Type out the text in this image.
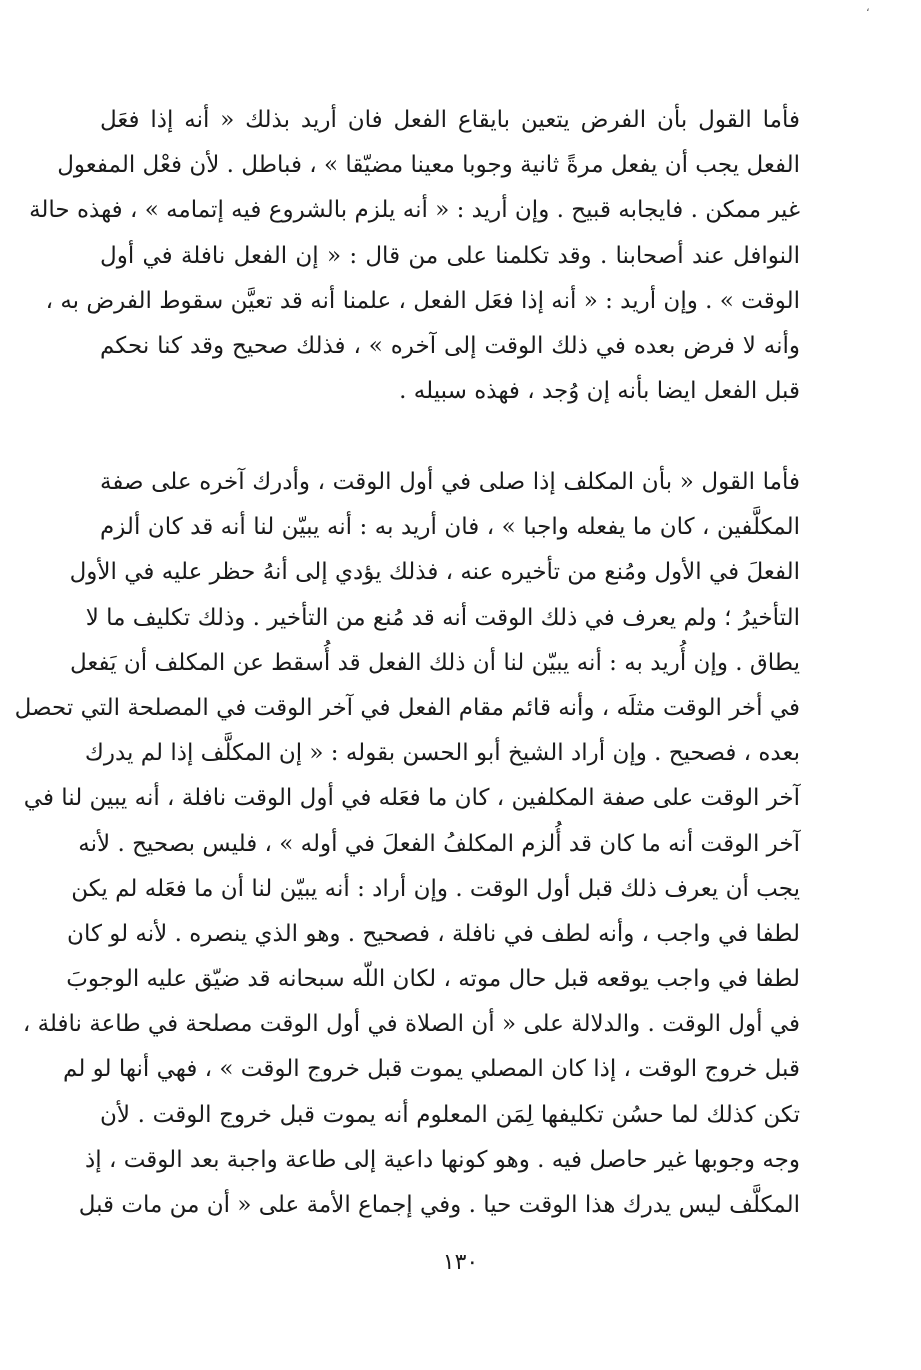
،
فأما القول بأن الفرض يتعين بايقاع الفعل فان أريد بذلك « أنه إذا فعَل
الفعل يجب أن يفعل مرةً ثانية وجوبا معينا مضيّقا » ، فباطل . لأن فعْل المفعول
غير ممكن . فايجابه قبيح . وإن أريد : « أنه يلزم بالشروع فيه إتمامه » ، فهذه حالة
النوافل عند أصحابنا . وقد تكلمنا على من قال : « إن الفعل نافلة في أول
الوقت » . وإن أريد : « أنه إذا فعَل الفعل ، علمنا أنه قد تعيَّن سقوط الفرض به ،
وأنه لا فرض بعده في ذلك الوقت إلى آخره » ، فذلك صحيح وقد كنا نحكم
قبل الفعل ايضا بأنه إن وُجد ، فهذه سبيله .
فأما القول « بأن المكلف إذا صلى في أول الوقت ، وأدرك آخره على صفة
المكلَّفين ، كان ما يفعله واجبا » ، فان أريد به : أنه يبيّن لنا أنه قد كان ألزم
الفعلَ في الأول ومُنع من تأخيره عنه ، فذلك يؤدي إلى أنهُ حظر عليه في الأول
التأخيرُ ؛ ولم يعرف في ذلك الوقت أنه قد مُنع من التأخير . وذلك تكليف ما لا
يطاق . وإن أُريد به : أنه يبيّن لنا أن ذلك الفعل قد أُسقط عن المكلف أن يَفعل
في أخر الوقت مثلَه ، وأنه قائم مقام الفعل في آخر الوقت في المصلحة التي تحصل
بعده ، فصحيح . وإن أراد الشيخ أبو الحسن بقوله : « إن المكلَّف إذا لم يدرك
آخر الوقت على صفة المكلفين ، كان ما فعَله في أول الوقت نافلة ، أنه يبين لنا في
آخر الوقت أنه ما كان قد أُلزم المكلفُ الفعلَ في أوله » ، فليس بصحيح . لأنه
يجب أن يعرف ذلك قبل أول الوقت . وإن أراد : أنه يبيّن لنا أن ما فعَله لم يكن
لطفا في واجب ، وأنه لطف في نافلة ، فصحيح . وهو الذي ينصره . لأنه لو كان
لطفا في واجب يوقعه قبل حال موته ، لكان اللّه سبحانه قد ضيّق عليه الوجوبَ
في أول الوقت . والدلالة على « أن الصلاة في أول الوقت مصلحة في طاعة نافلة ،
قبل خروج الوقت ، إذا كان المصلي يموت قبل خروج الوقت » ، فهي أنها لو لم
تكن كذلك لما حسُن تكليفها لِمَن المعلوم أنه يموت قبل خروج الوقت . لأن
وجه وجوبها غير حاصل فيه . وهو كونها داعية إلى طاعة واجبة بعد الوقت ، إذ
المكلَّف ليس يدرك هذا الوقت حيا . وفي إجماع الأمة على « أن من مات قبل
١٣٠
